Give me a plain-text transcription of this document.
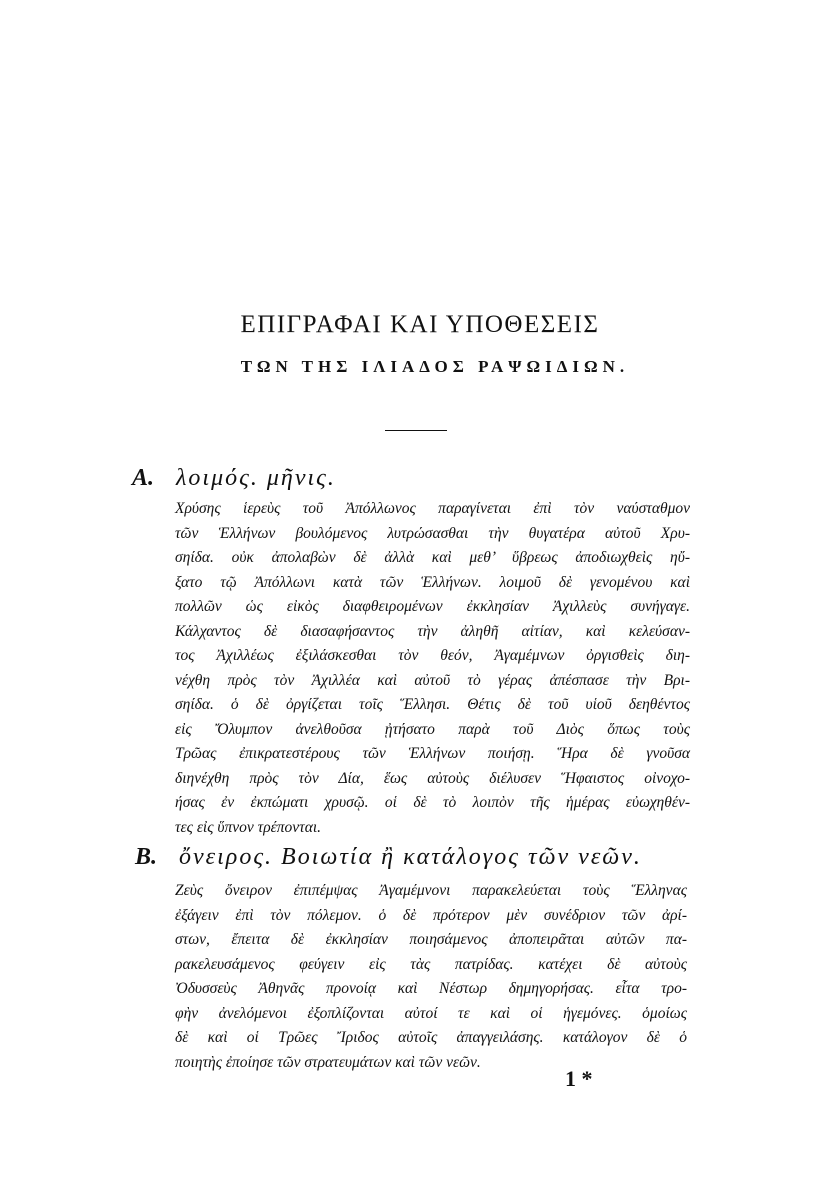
ΕΠΙΓΡΑΦΑΙ ΚΑΙ ΥΠΟΘΕΣΕΙΣ
ΤΩΝ ΤΗΣ ΙΛΙΑΔΟΣ ΡΑΨΩΙΔΙΩΝ.
Α. λοιμός. μῆνις.
Χρύσης ἱερεὺς τοῦ Ἀπόλλωνος παραγίνεται ἐπὶ τὸν ναύσταθμον
τῶν Ἑλλήνων βουλόμενος λυτρώσασθαι τὴν θυγατέρα αὐτοῦ Χρυ-
σηίδα. οὐκ ἀπολαβὼν δὲ ἀλλὰ καὶ μεθ’ ὕβρεως ἀποδιωχθεὶς ηὔ-
ξατο τῷ Ἀπόλλωνι κατὰ τῶν Ἑλλήνων. λοιμοῦ δὲ γενομένου καὶ
πολλῶν ὡς εἰκὸς διαφθειρομένων ἐκκλησίαν Ἀχιλλεὺς συνήγαγε.
Κάλχαντος δὲ διασαφήσαντος τὴν ἀληθῆ αἰτίαν, καὶ κελεύσαν-
τος Ἀχιλλέως ἐξιλάσκεσθαι τὸν θεόν, Ἀγαμέμνων ὀργισθεὶς διη-
νέχθη πρὸς τὸν Ἀχιλλέα καὶ αὐτοῦ τὸ γέρας ἀπέσπασε τὴν Βρι-
σηίδα. ὁ δὲ ὀργίζεται τοῖς Ἕλλησι. Θέτις δὲ τοῦ υἱοῦ δεηθέντος
εἰς Ὄλυμπον ἀνελθοῦσα ᾐτήσατο παρὰ τοῦ Διὸς ὅπως τοὺς
Τρῶας ἐπικρατεστέρους τῶν Ἑλλήνων ποιήσῃ. Ἥρα δὲ γνοῦσα
διηνέχθη πρὸς τὸν Δία, ἕως αὐτοὺς διέλυσεν Ἥφαιστος οἰνοχο-
ήσας ἐν ἐκπώματι χρυσῷ. οἱ δὲ τὸ λοιπὸν τῆς ἡμέρας εὐωχηθέν-
τες εἰς ὕπνον τρέπονται.
Β. ὄνειρος. Βοιωτία ἢ κατάλογος τῶν νεῶν.
Ζεὺς ὄνειρον ἐπιπέμψας Ἀγαμέμνονι παρακελεύεται τοὺς Ἕλληνας
ἐξάγειν ἐπὶ τὸν πόλεμον. ὁ δὲ πρότερον μὲν συνέδριον τῶν ἀρί-
στων, ἔπειτα δὲ ἐκκλησίαν ποιησάμενος ἀποπειρᾶται αὐτῶν πα-
ρακελευσάμενος φεύγειν εἰς τὰς πατρίδας. κατέχει δὲ αὐτοὺς
Ὀδυσσεὺς Ἀθηνᾶς προνοίᾳ καὶ Νέστωρ δημηγορήσας. εἶτα τρο-
φὴν ἀνελόμενοι ἐξοπλίζονται αὐτοί τε καὶ οἱ ἡγεμόνες. ὁμοίως
δὲ καὶ οἱ Τρῶες Ἴριδος αὐτοῖς ἀπαγγειλάσης. κατάλογον δὲ ὁ
ποιητὴς ἐποίησε τῶν στρατευμάτων καὶ τῶν νεῶν.
1 *
